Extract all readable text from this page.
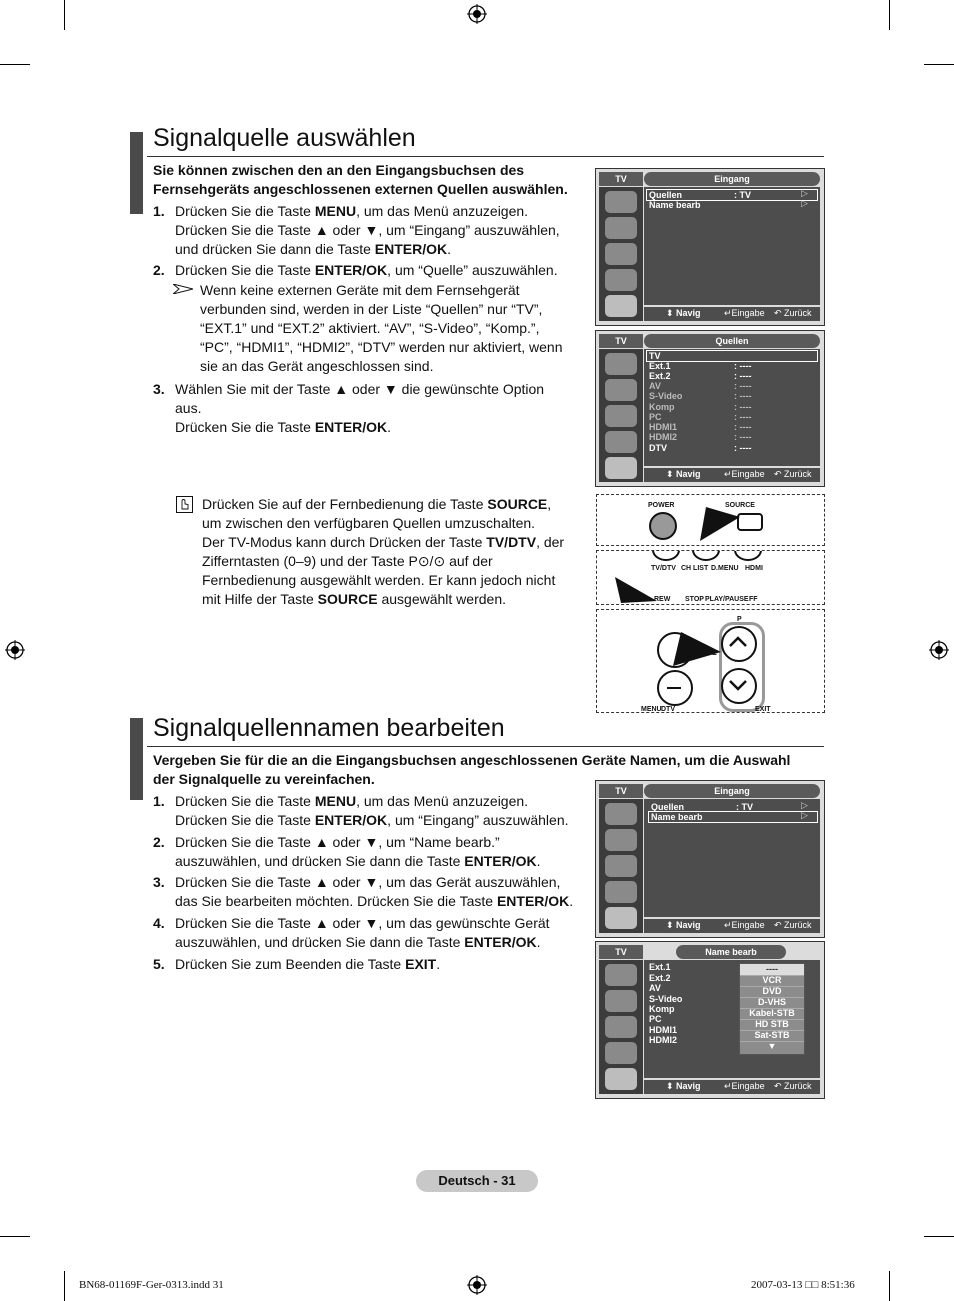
Signalquelle auswählen
Sie können zwischen den an den Eingangsbuchsen des
Fernsehgeräts angeschlossenen externen Quellen auswählen.
1. Drücken Sie die Taste MENU, um das Menü anzuzeigen.
Drücken Sie die Taste ▲ oder ▼, um “Eingang” auszuwählen,
und drücken Sie dann die Taste ENTER/OK.
2. Drücken Sie die Taste ENTER/OK, um “Quelle” auszuwählen.
Wenn keine externen Geräte mit dem Fernsehgerät
verbunden sind, werden in der Liste “Quellen” nur “TV”,
“EXT.1” und “EXT.2” aktiviert. “AV”, “S-Video”, “Komp.”,
“PC”, “HDMI1”, “HDMI2”, “DTV” werden nur aktiviert, wenn
sie an das Gerät angeschlossen sind.
3. Wählen Sie mit der Taste ▲ oder ▼ die gewünschte Option
aus.
Drücken Sie die Taste ENTER/OK.
Drücken Sie auf der Fernbedienung die Taste SOURCE,
um zwischen den verfügbaren Quellen umzuschalten.
Der TV-Modus kann durch Drücken der Taste TV/DTV, der
Zifferntasten (0–9) und der Taste P⊙/⊙ auf der
Fernbedienung ausgewählt werden. Er kann jedoch nicht
mit Hilfe der Taste SOURCE ausgewählt werden.
TV	Eingang
Quellen	: TV	▷
Name bearb	▷
⬍ Navig	↵Eingabe ↶ Zurück
TV	Quellen
TV
Ext.1	: ----
Ext.2	: ----
AV	: ----
S-Video	: ----
Komp	: ----
PC	: ----
HDMI1	: ----
HDMI2	: ----
DTV	: ----
⬍ Navig	↵Eingabe ↶ Zurück
POWER	SOURCE
TV/DTV CH LIST D.MENU HDMI
REW STOP PLAY/PAUSE FF
P
MENU DTV	EXIT
Signalquellennamen bearbeiten
Vergeben Sie für die an die Eingangsbuchsen angeschlossenen Geräte Namen, um die Auswahl
der Signalquelle zu vereinfachen.
1. Drücken Sie die Taste MENU, um das Menü anzuzeigen.
Drücken Sie die Taste ENTER/OK, um “Eingang” auszuwählen.
2. Drücken Sie die Taste ▲ oder ▼, um “Name bearb.”
auszuwählen, und drücken Sie dann die Taste ENTER/OK.
3. Drücken Sie die Taste ▲ oder ▼, um das Gerät auszuwählen,
das Sie bearbeiten möchten. Drücken Sie die Taste ENTER/OK.
4. Drücken Sie die Taste ▲ oder ▼, um das gewünschte Gerät
auszuwählen, und drücken Sie dann die Taste ENTER/OK.
5. Drücken Sie zum Beenden die Taste EXIT.
TV	Eingang
Quellen	: TV	▷
Name bearb	▷
⬍ Navig	↵Eingabe ↶ Zurück
TV	Name bearb
Ext.1
Ext.2
AV
S-Video
Komp
PC
HDMI1
HDMI2
----
VCR
DVD
D-VHS
Kabel-STB
HD STB
Sat-STB
▼
⬍ Navig	↵Eingabe ↶ Zurück
Deutsch - 31
BN68-01169F-Ger-0313.indd 31	2007-03-13 □□ 8:51:36
